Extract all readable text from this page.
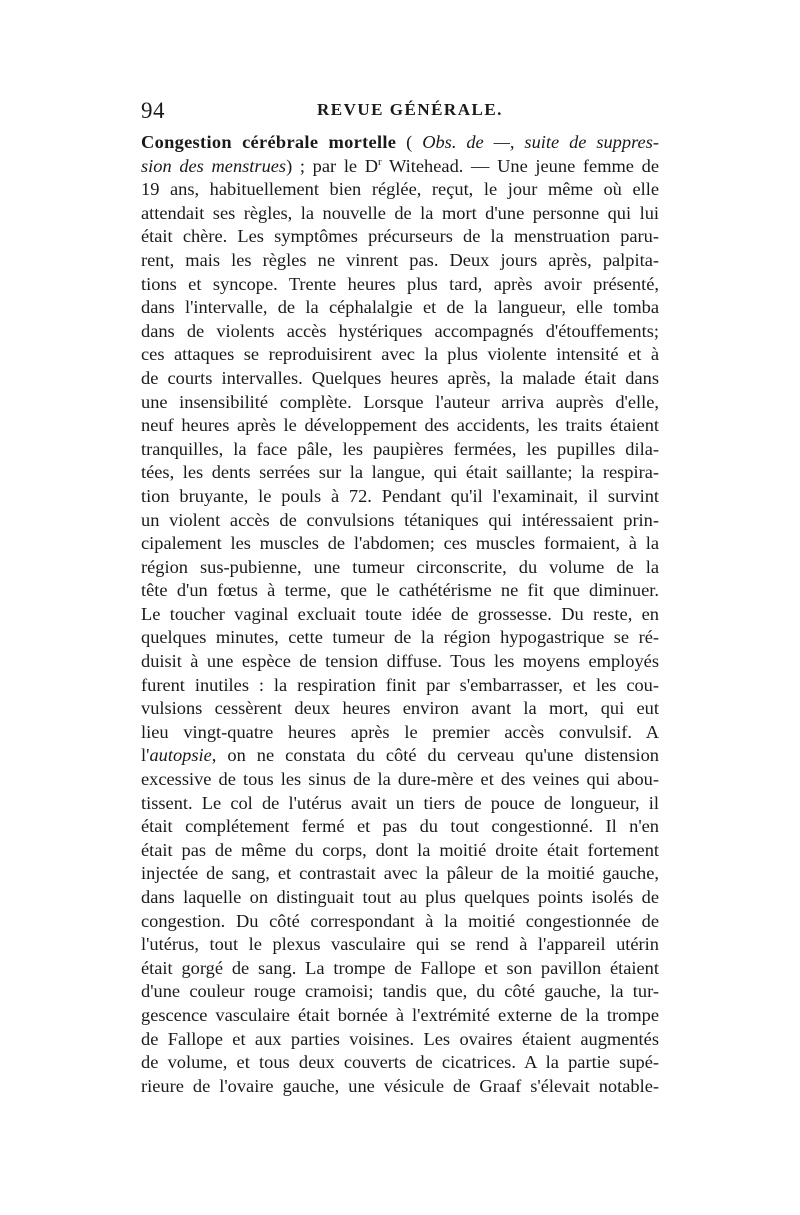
94	REVUE GÉNÉRALE.
Congestion cérébrale mortelle ( Obs. de —, suite de suppres-
sion des menstrues) ; par le $D^r$ Witehead. — Une jeune femme de
19 ans, habituellement bien réglée, reçut, le jour même où elle
attendait ses règles, la nouvelle de la mort d'une personne qui lui
était chère. Les symptômes précurseurs de la menstruation paru-
rent, mais les règles ne vinrent pas. Deux jours après, palpita-
tions et syncope. Trente heures plus tard, après avoir présenté,
dans l'intervalle, de la céphalalgie et de la langueur, elle tomba
dans de violents accès hystériques accompagnés d'étouffements;
ces attaques se reproduisirent avec la plus violente intensité et à
de courts intervalles. Quelques heures après, la malade était dans
une insensibilité complète. Lorsque l'auteur arriva auprès d'elle,
neuf heures après le développement des accidents, les traits étaient
tranquilles, la face pâle, les paupières fermées, les pupilles dila-
tées, les dents serrées sur la langue, qui était saillante; la respira-
tion bruyante, le pouls à 72. Pendant qu'il l'examinait, il survint
un violent accès de convulsions tétaniques qui intéressaient prin-
cipalement les muscles de l'abdomen; ces muscles formaient, à la
région sus-pubienne, une tumeur circonscrite, du volume de la
tête d'un fœtus à terme, que le cathétérisme ne fit que diminuer.
Le toucher vaginal excluait toute idée de grossesse. Du reste, en
quelques minutes, cette tumeur de la région hypogastrique se ré-
duisit à une espèce de tension diffuse. Tous les moyens employés
furent inutiles : la respiration finit par s'embarrasser, et les cou-
vulsions cessèrent deux heures environ avant la mort, qui eut
lieu vingt-quatre heures après le premier accès convulsif. A
l'autopsie, on ne constata du côté du cerveau qu'une distension
excessive de tous les sinus de la dure-mère et des veines qui abou-
tissent. Le col de l'utérus avait un tiers de pouce de longueur, il
était complétement fermé et pas du tout congestionné. Il n'en
était pas de même du corps, dont la moitié droite était fortement
injectée de sang, et contrastait avec la pâleur de la moitié gauche,
dans laquelle on distinguait tout au plus quelques points isolés de
congestion. Du côté correspondant à la moitié congestionnée de
l'utérus, tout le plexus vasculaire qui se rend à l'appareil utérin
était gorgé de sang. La trompe de Fallope et son pavillon étaient
d'une couleur rouge cramoisi; tandis que, du côté gauche, la tur-
gescence vasculaire était bornée à l'extrémité externe de la trompe
de Fallope et aux parties voisines. Les ovaires étaient augmentés
de volume, et tous deux couverts de cicatrices. A la partie supé-
rieure de l'ovaire gauche, une vésicule de Graaf s'élevait notable-
